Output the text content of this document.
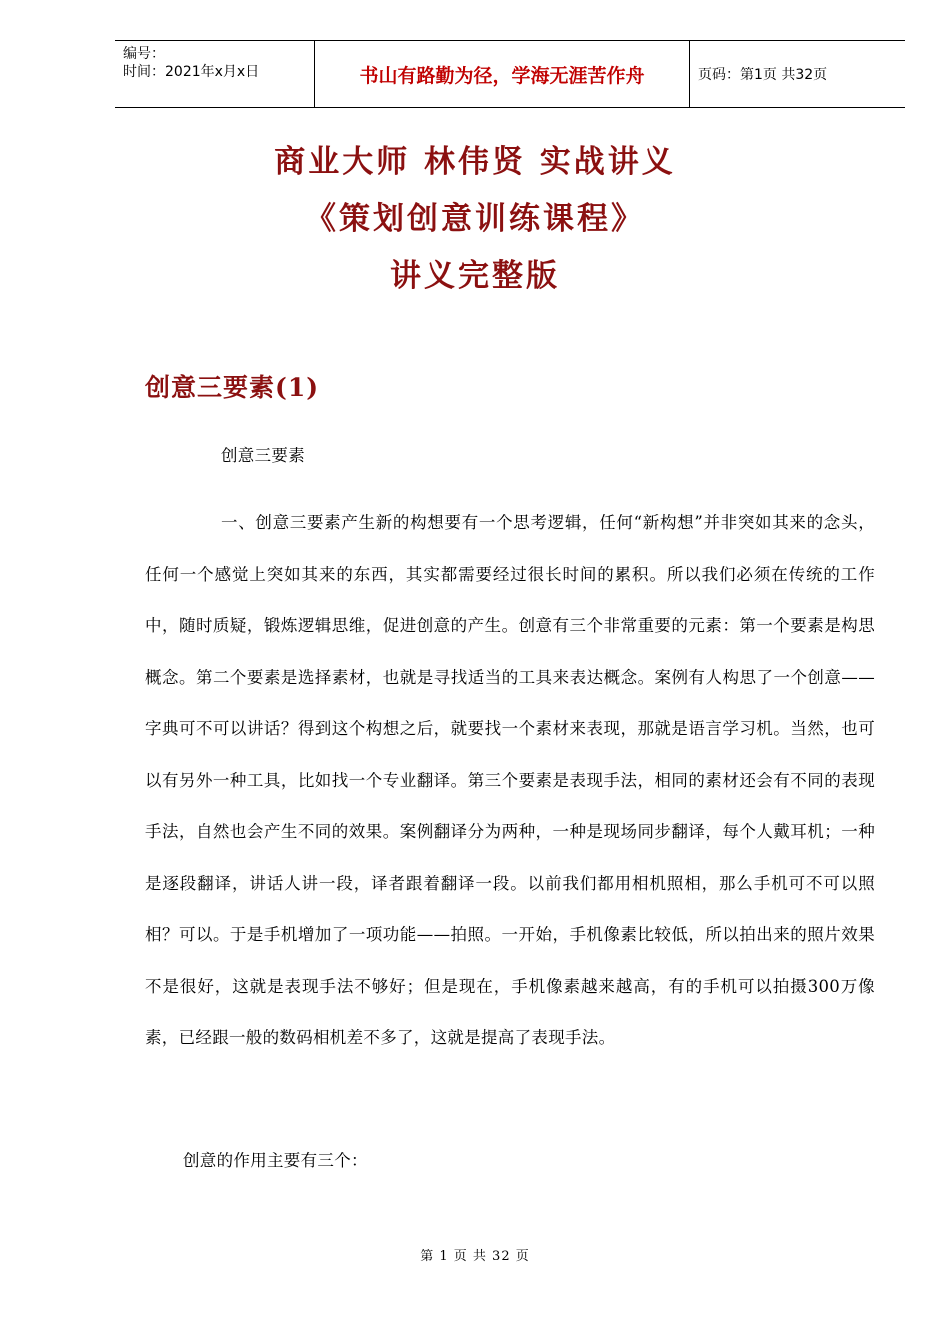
编号：
时间：2021年x月x日	书山有路勤为径，学海无涯苦作舟	页码：第1页 共32页
商业大师 林伟贤 实战讲义
《策划创意训练课程》
讲义完整版
创意三要素(1)
创意三要素
一、创意三要素产生新的构想要有一个思考逻辑，任何“新构想”并非突如其来的念头，任何一个感觉上突如其来的东西，其实都需要经过很长时间的累积。所以我们必须在传统的工作中，随时质疑，锻炼逻辑思维，促进创意的产生。创意有三个非常重要的元素：第一个要素是构思概念。第二个要素是选择素材，也就是寻找适当的工具来表达概念。案例有人构思了一个创意——字典可不可以讲话？得到这个构想之后，就要找一个素材来表现，那就是语言学习机。当然，也可以有另外一种工具，比如找一个专业翻译。第三个要素是表现手法，相同的素材还会有不同的表现手法，自然也会产生不同的效果。案例翻译分为两种，一种是现场同步翻译，每个人戴耳机；一种是逐段翻译，讲话人讲一段，译者跟着翻译一段。以前我们都用相机照相，那么手机可不可以照相？可以。于是手机增加了一项功能——拍照。一开始，手机像素比较低，所以拍出来的照片效果不是很好，这就是表现手法不够好；但是现在，手机像素越来越高，有的手机可以拍摄300万像素，已经跟一般的数码相机差不多了，这就是提高了表现手法。
创意的作用主要有三个：
第 1 页 共 32 页
